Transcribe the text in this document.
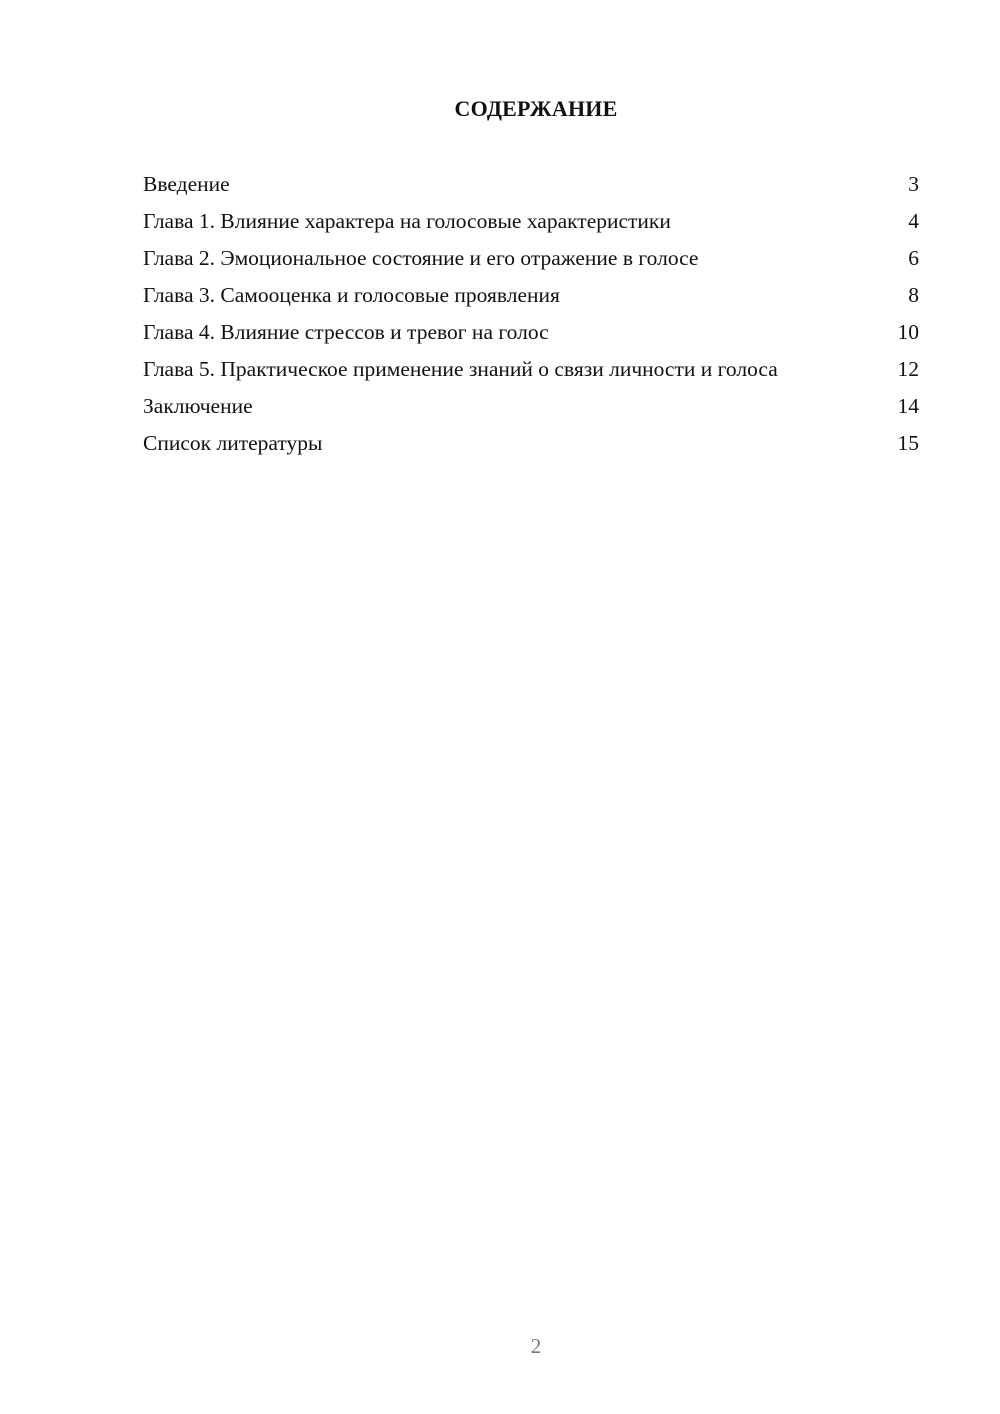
СОДЕРЖАНИЕ
Введение	3
Глава 1. Влияние характера на голосовые характеристики	4
Глава 2. Эмоциональное состояние и его отражение в голосе	6
Глава 3. Самооценка и голосовые проявления	8
Глава 4. Влияние стрессов и тревог на голос	10
Глава 5. Практическое применение знаний о связи личности и голоса	12
Заключение	14
Список литературы	15
2
